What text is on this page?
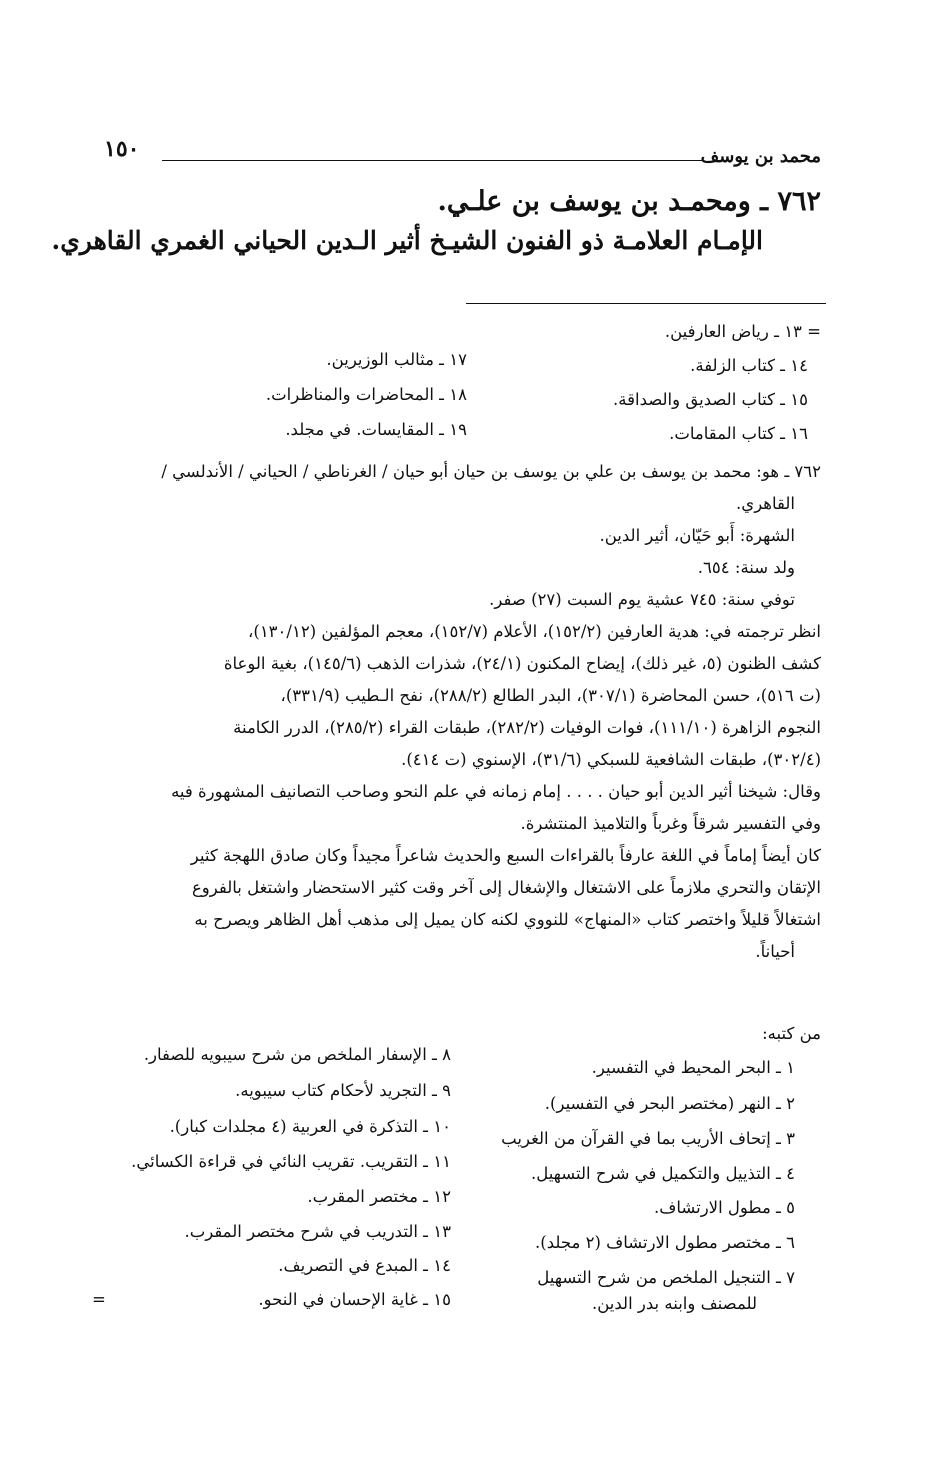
محمد بن يوسف
١٥٠
٧٦٢ ـ ومحمـد بن يوسف بن علـي.
الإمـام العلامـة ذو الفنون الشيـخ أثير الـدين الحياني الغمري القاهري.
= ١٣ ـ رياض العارفين.
١٤ ـ كتاب الزلفة.
١٥ ـ كتاب الصديق والصداقة.
١٦ ـ كتاب المقامات.
١٧ ـ مثالب الوزيرين.
١٨ ـ المحاضرات والمناظرات.
١٩ ـ المقايسات. في مجلد.

٧٦٢ ـ هو: محمد بن يوسف بن علي بن يوسف بن حيان أبو حيان / الغرناطي / الحياني / الأندلسي /

القاهري.

الشهرة: أَبو حَيّان، أثير الدين.

ولد سنة: ٦٥٤.

توفي سنة: ٧٤٥ عشية يوم السبت (٢٧) صفر.

انظر ترجمته في: هدية العارفين (١٥٢/٢)، الأعلام (١٥٢/٧)، معجم المؤلفين (١٣٠/١٢)،

كشف الظنون (٥، غير ذلك)، إيضاح المكنون (٢٤/١)، شذرات الذهب (١٤٥/٦)، بغية الوعاة

(ت ٥١٦)، حسن المحاضرة (٣٠٧/١)، البدر الطالع (٢٨٨/٢)، نفح الـطيب (٣٣١/٩)،

النجوم الزاهرة (١١١/١٠)، فوات الوفيات (٢٨٢/٢)، طبقات القراء (٢٨٥/٢)، الدرر الكامنة

(٣٠٢/٤)، طبقات الشافعية للسبكي (٣١/٦)، الإسنوي (ت ٤١٤).

وقال: شيخنا أثير الدين أبو حيان . . . . إمام زمانه في علم النحو وصاحب التصانيف المشهورة فيه

وفي التفسير شرقاً وغرباً والتلاميذ المنتشرة.

كان أيضاً إماماً في اللغة عارفاً بالقراءات السبع والحديث شاعراً مجيداً وكان صادق اللهجة كثير

الإتقان والتحري ملازماً على الاشتغال والإشغال إلى آخر وقت كثير الاستحضار واشتغل بالفروع

اشتغالاً قليلاً واختصر كتاب «المنهاج» للنووي لكنه كان يميل إلى مذهب أهل الظاهر ويصرح به

أحياناً.

من كتبه:
١ ـ البحر المحيط في التفسير.
٢ ـ النهر (مختصر البحر في التفسير).
٣ ـ إتحاف الأريب بما في القرآن من الغريب
٤ ـ التذييل والتكميل في شرح التسهيل.
٥ ـ مطول الارتشاف.
٦ ـ مختصر مطول الارتشاف (٢ مجلد).
٧ ـ التنجيل الملخص من شرح التسهيل
للمصنف وابنه بدر الدين.
٨ ـ الإسفار الملخص من شرح سيبويه للصفار.
٩ ـ التجريد لأحكام كتاب سيبويه.
١٠ ـ التذكرة في العربية (٤ مجلدات كبار).
١١ ـ التقريب. تقريب النائي في قراءة الكسائي.
١٢ ـ مختصر المقرب.
١٣ ـ التدريب في شرح مختصر المقرب.
١٤ ـ المبدع في التصريف.
١٥ ـ غاية الإحسان في النحو.
=
